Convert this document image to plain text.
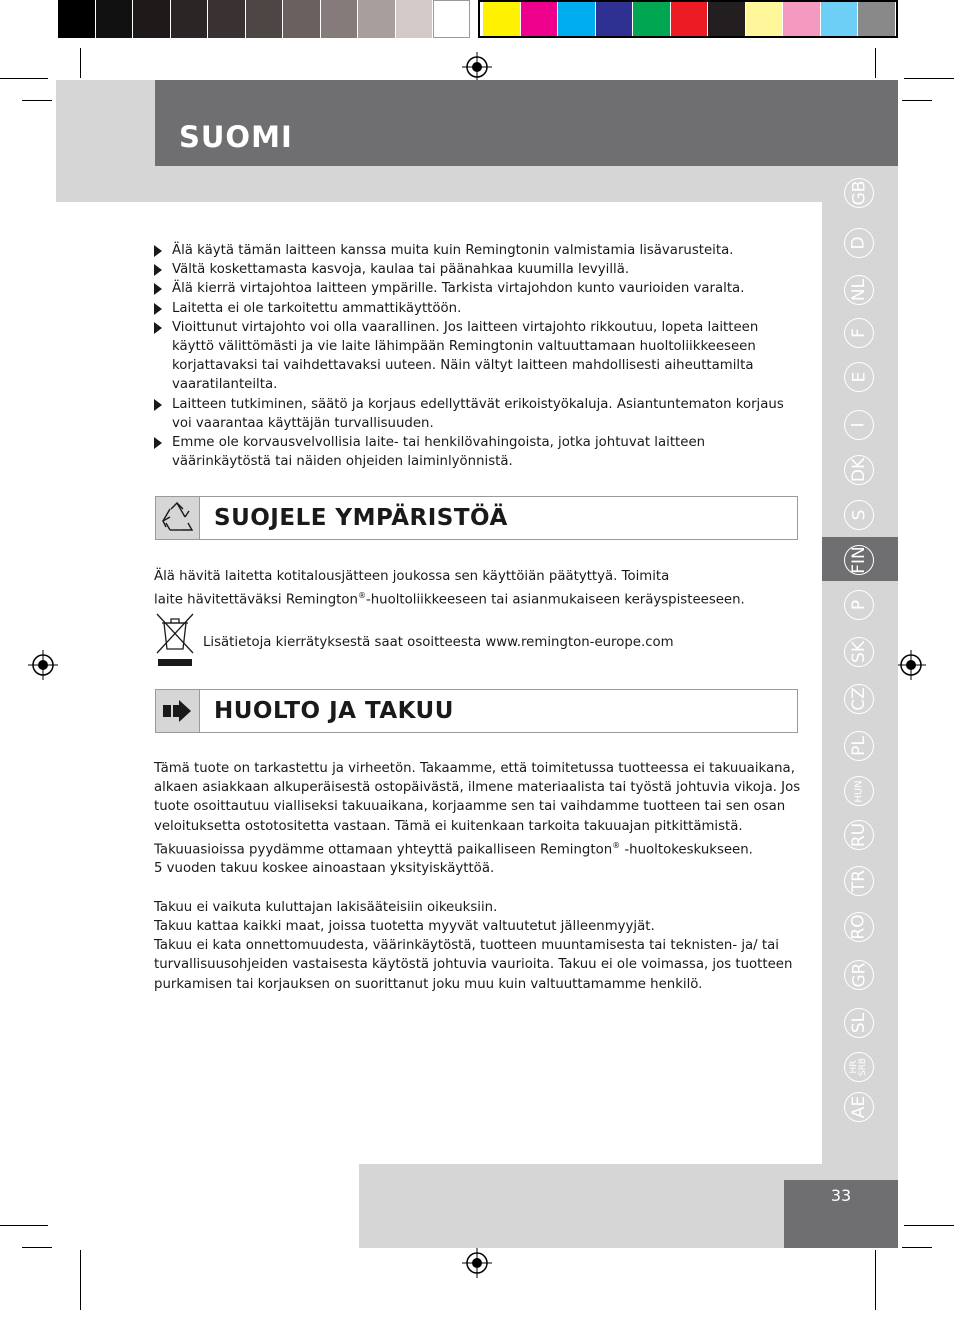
SUOMI
GB
D
NL
F
E
I
DK
S
FIN
P
SK
CZ
PL
HUN
RU
TR
RO
GR
SL
HR SRB
AE
Älä käytä tämän laitteen kanssa muita kuin Remingtonin valmistamia lisävarusteita.
Vältä koskettamasta kasvoja, kaulaa tai päänahkaa kuumilla levyillä.
Älä kierrä virtajohtoa laitteen ympärille. Tarkista virtajohdon kunto vaurioiden varalta.
Laitetta ei ole tarkoitettu ammattikäyttöön.
Vioittunut virtajohto voi olla vaarallinen. Jos laitteen virtajohto rikkoutuu, lopeta laitteen käyttö välittömästi ja vie laite lähimpään Remingtonin valtuuttamaan huoltoliikkeeseen korjattavaksi tai vaihdettavaksi uuteen. Näin vältyt laitteen mahdollisesti aiheuttamilta vaaratilanteilta.
Laitteen tutkiminen, säätö ja korjaus edellyttävät erikoistyökaluja. Asiantuntematon korjaus voi vaarantaa käyttäjän turvallisuuden.
Emme ole korvausvelvollisia laite- tai henkilövahingoista, jotka johtuvat laitteen väärinkäytöstä tai näiden ohjeiden laiminlyönnistä.
SUOJELE YMPÄRISTÖÄ

Älä hävitä laitetta kotitalousjätteen joukossa sen käyttöiän päätyttyä. Toimita

laite hävitettäväksi Remington®-huoltoliikkeeseen tai asianmukaiseen keräyspisteeseen.

Lisätietoja kierrätyksestä saat osoitteesta www.remington-europe.com
HUOLTO JA TAKUU

Tämä tuote on tarkastettu ja virheetön. Takaamme, että toimitetussa tuotteessa ei takuuaikana, alkaen asiakkaan alkuperäisestä ostopäivästä, ilmene materiaalista tai työstä johtuvia vikoja. Jos tuote osoittautuu vialliseksi takuuaikana, korjaamme sen tai vaihdamme tuotteen tai sen osan veloituksetta ostotositetta vastaan. Tämä ei kuitenkaan tarkoita takuuajan pitkittämistä.

Takuuasioissa pyydämme ottamaan yhteyttä paikalliseen Remington® -huoltokeskukseen.

5 vuoden takuu koskee ainoastaan yksityiskäyttöä.

Takuu ei vaikuta kuluttajan lakisääteisiin oikeuksiin.

Takuu kattaa kaikki maat, joissa tuotetta myyvät valtuutetut jälleenmyyjät.

Takuu ei kata onnettomuudesta, väärinkäytöstä, tuotteen muuntamisesta tai teknisten- ja/ tai turvallisuusohjeiden vastaisesta käytöstä johtuvia vaurioita. Takuu ei ole voimassa, jos tuotteen purkamisen tai korjauksen on suorittanut joku muu kuin valtuuttamamme henkilö.

33
